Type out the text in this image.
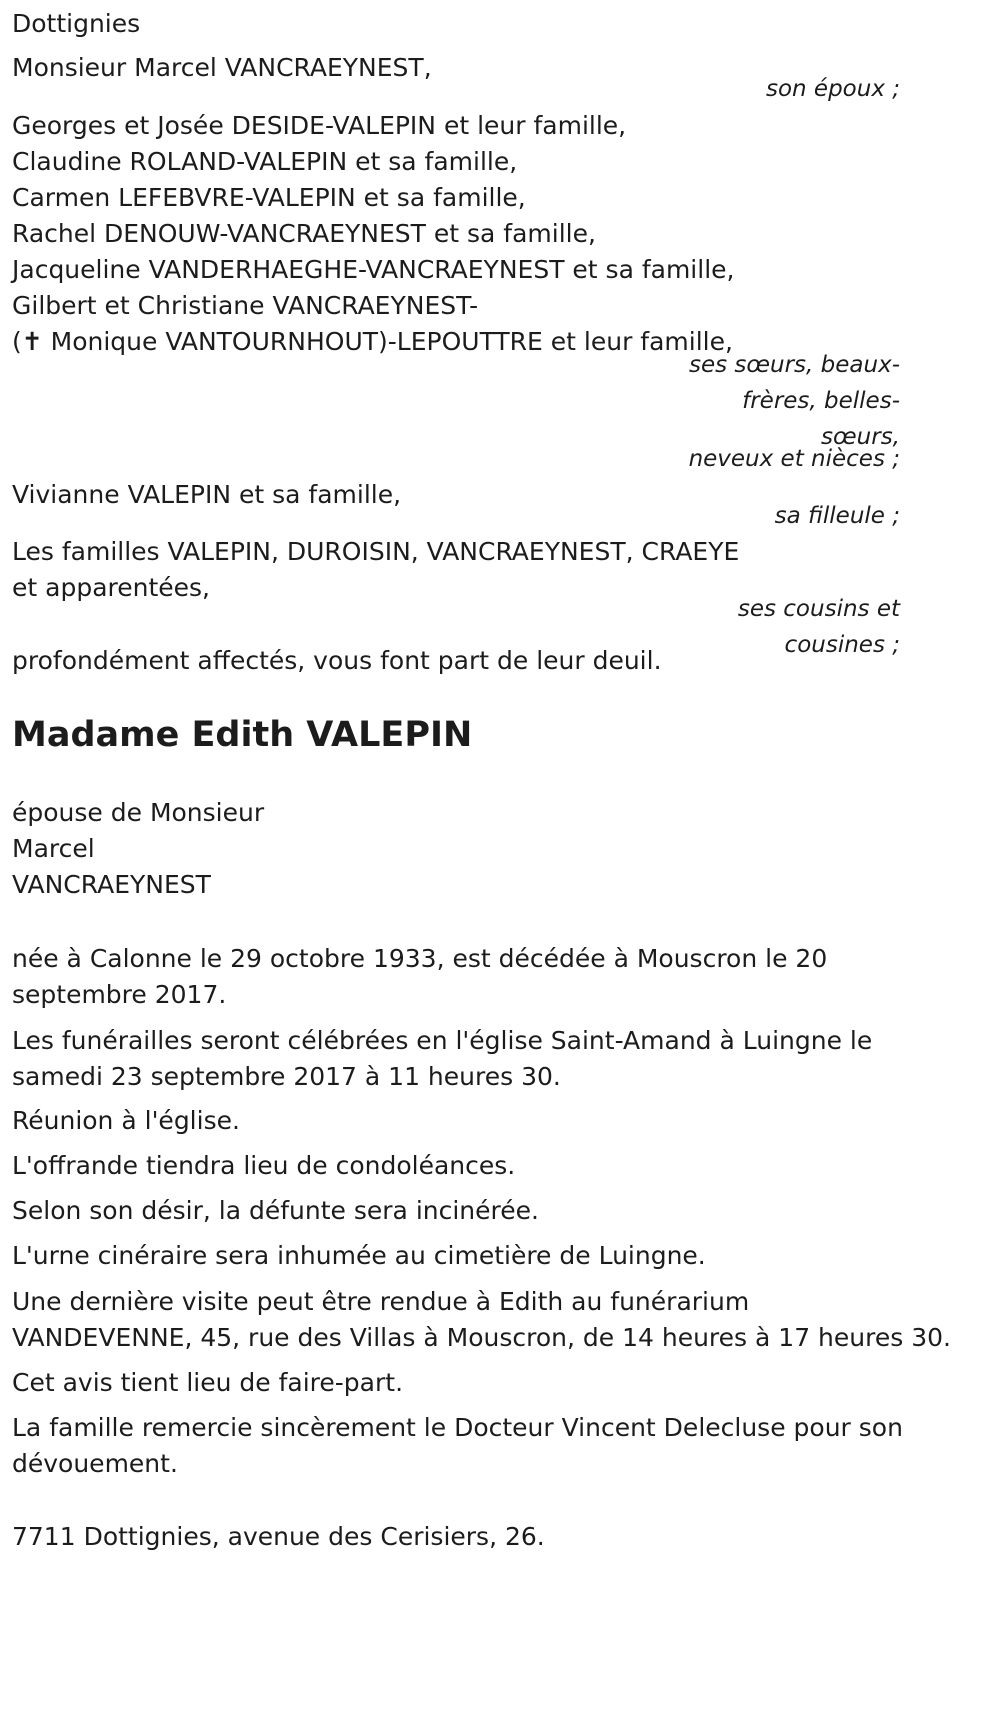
Dottignies
Monsieur Marcel VANCRAEYNEST,
son époux ;
Georges et Josée DESIDE-VALEPIN et leur famille,
Claudine ROLAND-VALEPIN et sa famille,
Carmen LEFEBVRE-VALEPIN et sa famille,
Rachel DENOUW-VANCRAEYNEST et sa famille,
Jacqueline VANDERHAEGHE-VANCRAEYNEST et sa famille,
Gilbert et Christiane VANCRAEYNEST-
(✝ Monique VANTOURNHOUT)-LEPOUTTRE et leur famille,
ses sœurs, beaux-
frères, belles-
sœurs,
neveux et nièces ;
Vivianne VALEPIN et sa famille,
sa filleule ;
Les familles VALEPIN, DUROISIN, VANCRAEYNEST, CRAEYE
et apparentées,
ses cousins et
cousines ;
profondément affectés, vous font part de leur deuil.
Madame Edith VALEPIN
épouse de Monsieur
Marcel
VANCRAEYNEST
née à Calonne le 29 octobre 1933, est décédée à Mouscron le 20
septembre 2017.
Les funérailles seront célébrées en l'église Saint-Amand à Luingne le
samedi 23 septembre 2017 à 11 heures 30.
Réunion à l'église.
L'offrande tiendra lieu de condoléances.
Selon son désir, la défunte sera incinérée.
L'urne cinéraire sera inhumée au cimetière de Luingne.
Une dernière visite peut être rendue à Edith au funérarium
VANDEVENNE, 45, rue des Villas à Mouscron, de 14 heures à 17 heures 30.
Cet avis tient lieu de faire-part.
La famille remercie sincèrement le Docteur Vincent Delecluse pour son
dévouement.
7711 Dottignies, avenue des Cerisiers, 26.
